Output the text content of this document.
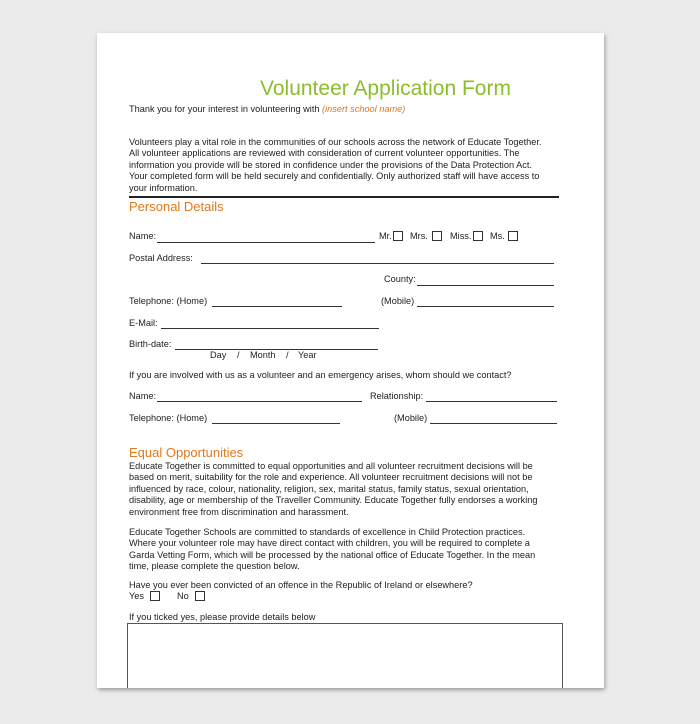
Volunteer Application Form
Thank you for your interest in volunteering with (insert school name)
Volunteers play a vital role in the communities of our schools across the network of Educate Together.
All volunteer applications are reviewed with consideration of current volunteer opportunities. The
information you provide will be stored in confidence under the provisions of the Data Protection Act.
Your completed form will be held securely and confidentially. Only authorized staff will have access to
your information.
Personal Details
Name:	Mr. Mrs. Miss. Ms.
Postal Address:
County:
Telephone: (Home)	(Mobile)
E-Mail:
Birth-date:
Day / Month / Year
If you are involved with us as a volunteer and an emergency arises, whom should we contact?
Name:	Relationship:
Telephone: (Home)	(Mobile)
Equal Opportunities
Educate Together is committed to equal opportunities and all volunteer recruitment decisions will be
based on merit, suitability for the role and experience. All volunteer recruitment decisions will not be
influenced by race, colour, nationality, religion, sex, marital status, family status, sexual orientation,
disability, age or membership of the Traveller Community. Educate Together fully endorses a working
environment free from discrimination and harassment.
Educate Together Schools are committed to standards of excellence in Child Protection practices.
Where your volunteer role may have direct contact with children, you will be required to complete a
Garda Vetting Form, which will be processed by the national office of Educate Together. In the mean
time, please complete the question below.
Have you ever been convicted of an offence in the Republic of Ireland or elsewhere?
Yes	No
If you ticked yes, please provide details below
